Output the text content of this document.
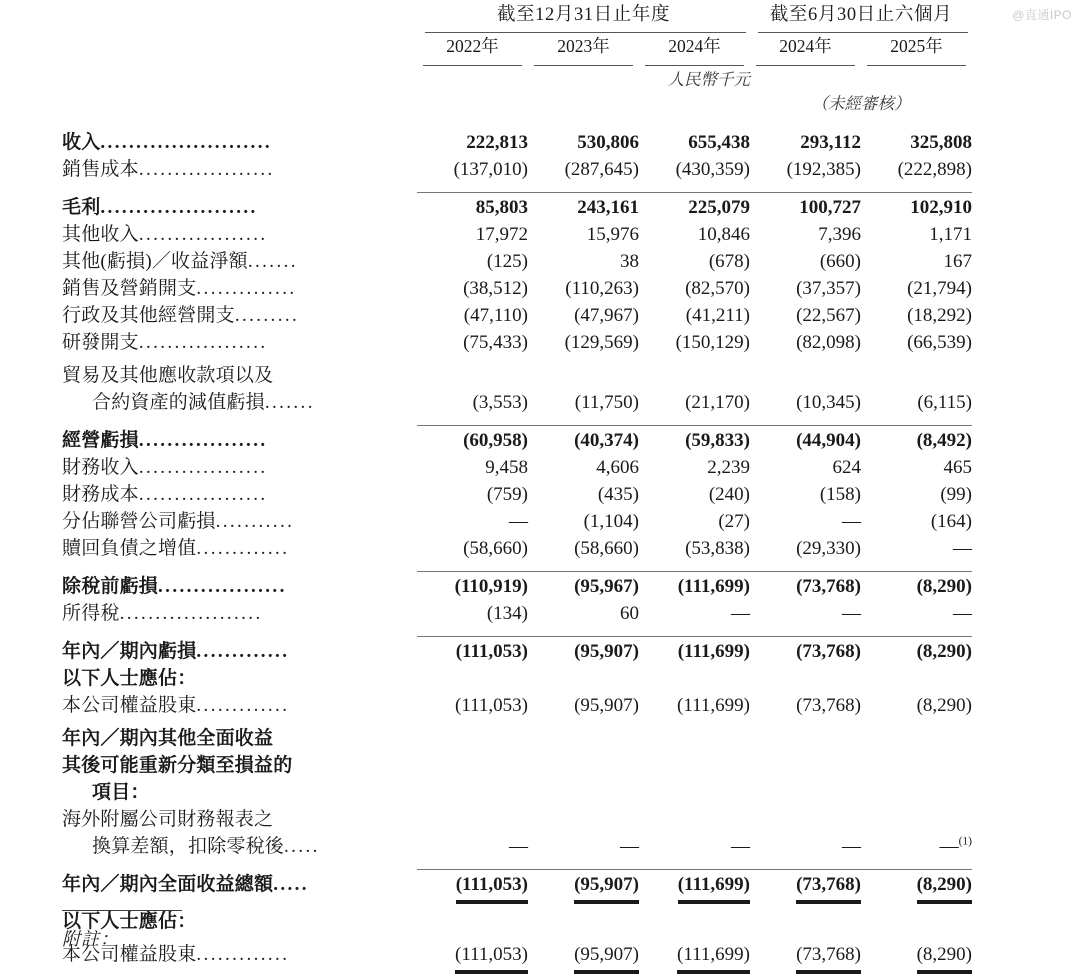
@直通IPO
	截至12月31日止年度			截至6月30日止六個月	

	2022年	2023年	2024年	2024年	2025年

			人民幣千元		
				（未經審核）	

收入........................	222,813	530,806	655,438	293,112	325,808
銷售成本...................	(137,010)	(287,645)	(430,359)	(192,385)	(222,898)

毛利......................	85,803	243,161	225,079	100,727	102,910
其他收入..................	17,972	15,976	10,846	7,396	1,171
其他(虧損)／收益淨額.......	(125)	38	(678)	(660)	167
銷售及營銷開支..............	(38,512)	(110,263)	(82,570)	(37,357)	(21,794)
行政及其他經營開支.........	(47,110)	(47,967)	(41,211)	(22,567)	(18,292)
研發開支..................	(75,433)	(129,569)	(150,129)	(82,098)	(66,539)

貿易及其他應收款項以及					
合約資產的減值虧損.......	(3,553)	(11,750)	(21,170)	(10,345)	(6,115)

經營虧損..................	(60,958)	(40,374)	(59,833)	(44,904)	(8,492)
財務收入..................	9,458	4,606	2,239	624	465
財務成本..................	(759)	(435)	(240)	(158)	(99)
分佔聯營公司虧損...........	—	(1,104)	(27)	—	(164)
贖回負債之增值.............	(58,660)	(58,660)	(53,838)	(29,330)	—

除稅前虧損..................	(110,919)	(95,967)	(111,699)	(73,768)	(8,290)
所得稅....................	(134)	60	—	—	—

年內／期內虧損.............	(111,053)	(95,907)	(111,699)	(73,768)	(8,290)
以下人士應佔：					
本公司權益股東.............	(111,053)	(95,907)	(111,699)	(73,768)	(8,290)

年內／期內其他全面收益					
其後可能重新分類至損益的					
項目：					
海外附屬公司財務報表之					
換算差額，扣除零稅後.....	—	—	—	—	—$^{(1)}$

年內／期內全面收益總額.....	(111,053)	(95,907)	(111,699)	(73,768)	(8,290)

以下人士應佔：					

本公司權益股東.............	(111,053)	(95,907)	(111,699)	(73,768)	(8,290)
附註：
